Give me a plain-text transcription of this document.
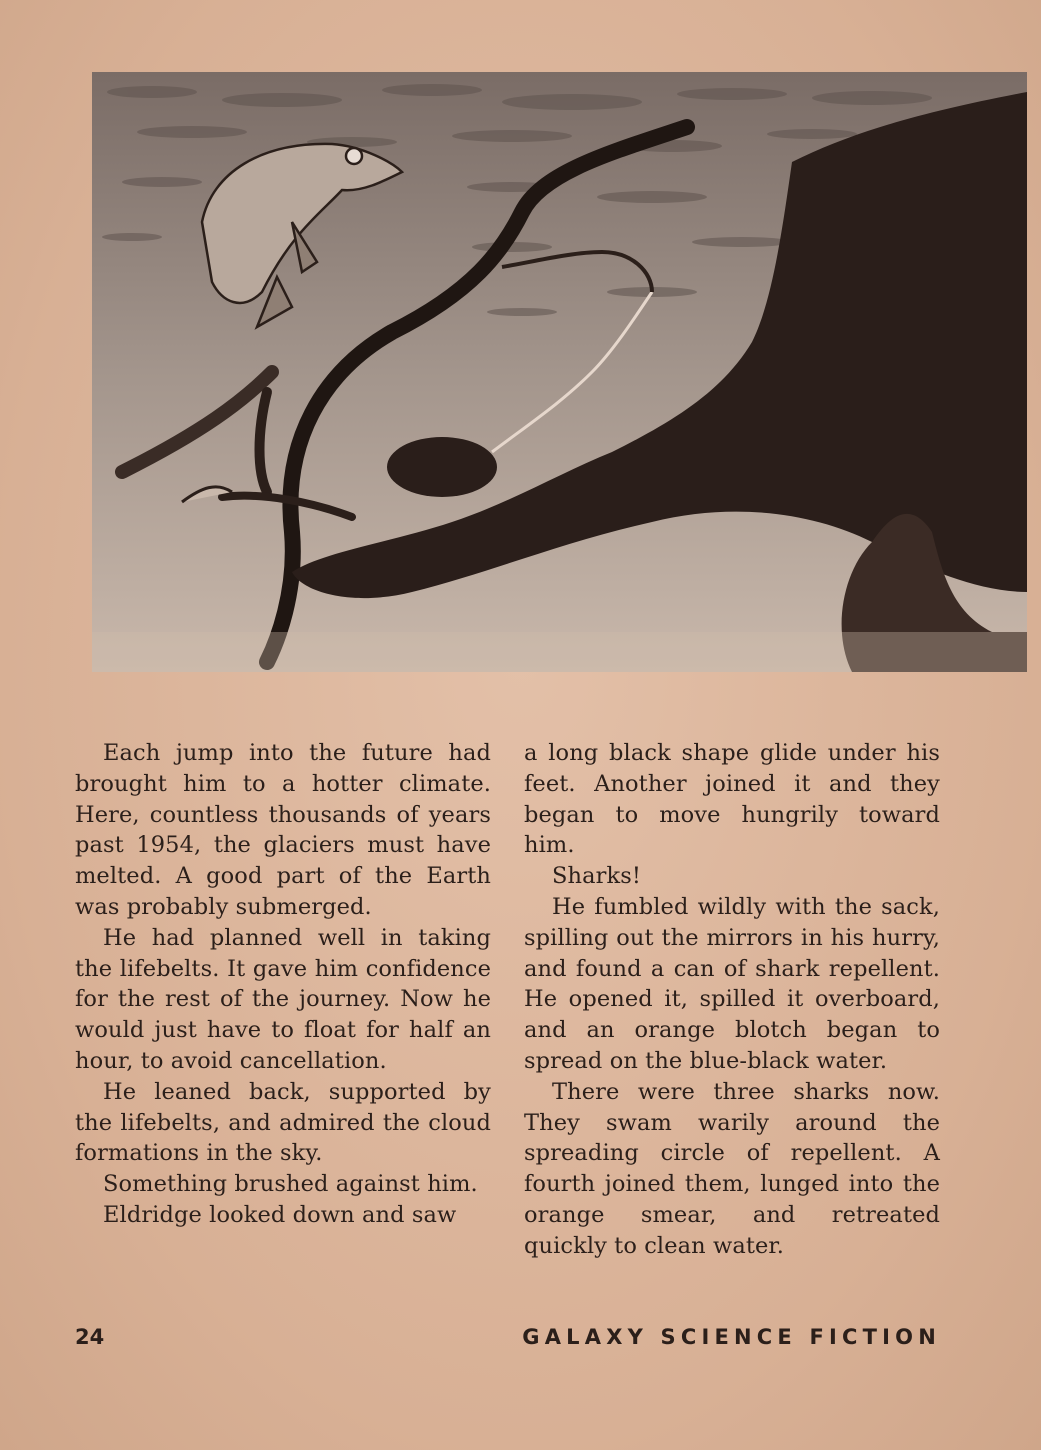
Each jump into the future had brought him to a hotter climate. Here, countless thousands of years past 1954, the glaciers must have melted. A good part of the Earth was probably submerged.

He had planned well in taking the lifebelts. It gave him confidence for the rest of the journey. Now he would just have to float for half an hour, to avoid cancellation.

He leaned back, supported by the lifebelts, and admired the cloud formations in the sky.

Something brushed against him.

Eldridge looked down and saw

a long black shape glide under his feet. Another joined it and they began to move hungrily toward him.

Sharks!

He fumbled wildly with the sack, spilling out the mirrors in his hurry, and found a can of shark repellent. He opened it, spilled it overboard, and an orange blotch began to spread on the blue-black water.

There were three sharks now. They swam warily around the spreading circle of repellent. A fourth joined them, lunged into the orange smear, and retreated quickly to clean water.

24	GALAXY SCIENCE FICTION
